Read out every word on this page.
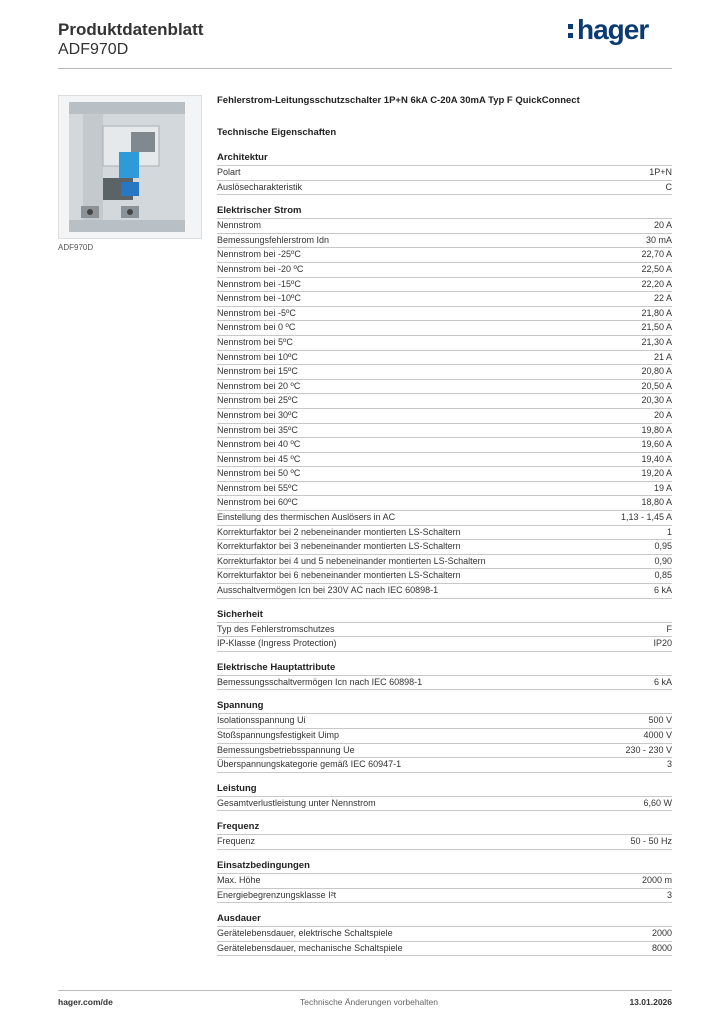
Produktdatenblatt
ADF970D
hager
ADF970D
Fehlerstrom-Leitungsschutzschalter 1P+N 6kA C-20A 30mA Typ F QuickConnect
Technische Eigenschaften
Architektur
Polart	1P+N
Auslösecharakteristik	C
Elektrischer Strom
Nennstrom	20 A
Bemessungsfehlerstrom Idn	30 mA
Nennstrom bei -25ºC	22,70 A
Nennstrom bei -20 ºC	22,50 A
Nennstrom bei -15ºC	22,20 A
Nennstrom bei -10ºC	22 A
Nennstrom bei -5ºC	21,80 A
Nennstrom bei 0 ºC	21,50 A
Nennstrom bei 5ºC	21,30 A
Nennstrom bei 10ºC	21 A
Nennstrom bei 15ºC	20,80 A
Nennstrom bei 20 ºC	20,50 A
Nennstrom bei 25ºC	20,30 A
Nennstrom bei 30ºC	20 A
Nennstrom bei 35ºC	19,80 A
Nennstrom bei 40 ºC	19,60 A
Nennstrom bei 45 ºC	19,40 A
Nennstrom bei 50 ºC	19,20 A
Nennstrom bei 55ºC	19 A
Nennstrom bei 60ºC	18,80 A
Einstellung des thermischen Auslösers in AC	1,13 - 1,45 A
Korrekturfaktor bei 2 nebeneinander montierten LS-Schaltern	1
Korrekturfaktor bei 3 nebeneinander montierten LS-Schaltern	0,95
Korrekturfaktor bei 4 und 5 nebeneinander montierten LS-Schaltern	0,90
Korrekturfaktor bei 6 nebeneinander montierten LS-Schaltern	0,85
Ausschaltvermögen Icn bei 230V AC nach IEC 60898-1	6 kA
Sicherheit
Typ des Fehlerstromschutzes	F
IP-Klasse (Ingress Protection)	IP20
Elektrische Hauptattribute
Bemessungsschaltvermögen Icn nach IEC 60898-1	6 kA
Spannung
Isolationsspannung Ui	500 V
Stoßspannungsfestigkeit Uimp	4000 V
Bemessungsbetriebsspannung Ue	230 - 230 V
Überspannungskategorie gemäß IEC 60947-1	3
Leistung
Gesamtverlustleistung unter Nennstrom	6,60 W
Frequenz
Frequenz	50 - 50 Hz
Einsatzbedingungen
Max. Höhe	2000 m
Energiebegrenzungsklasse I²t	3
Ausdauer
Gerätelebensdauer, elektrische Schaltspiele	2000
Gerätelebensdauer, mechanische Schaltspiele	8000
hager.com/de	Technische Änderungen vorbehalten	13.01.2026
